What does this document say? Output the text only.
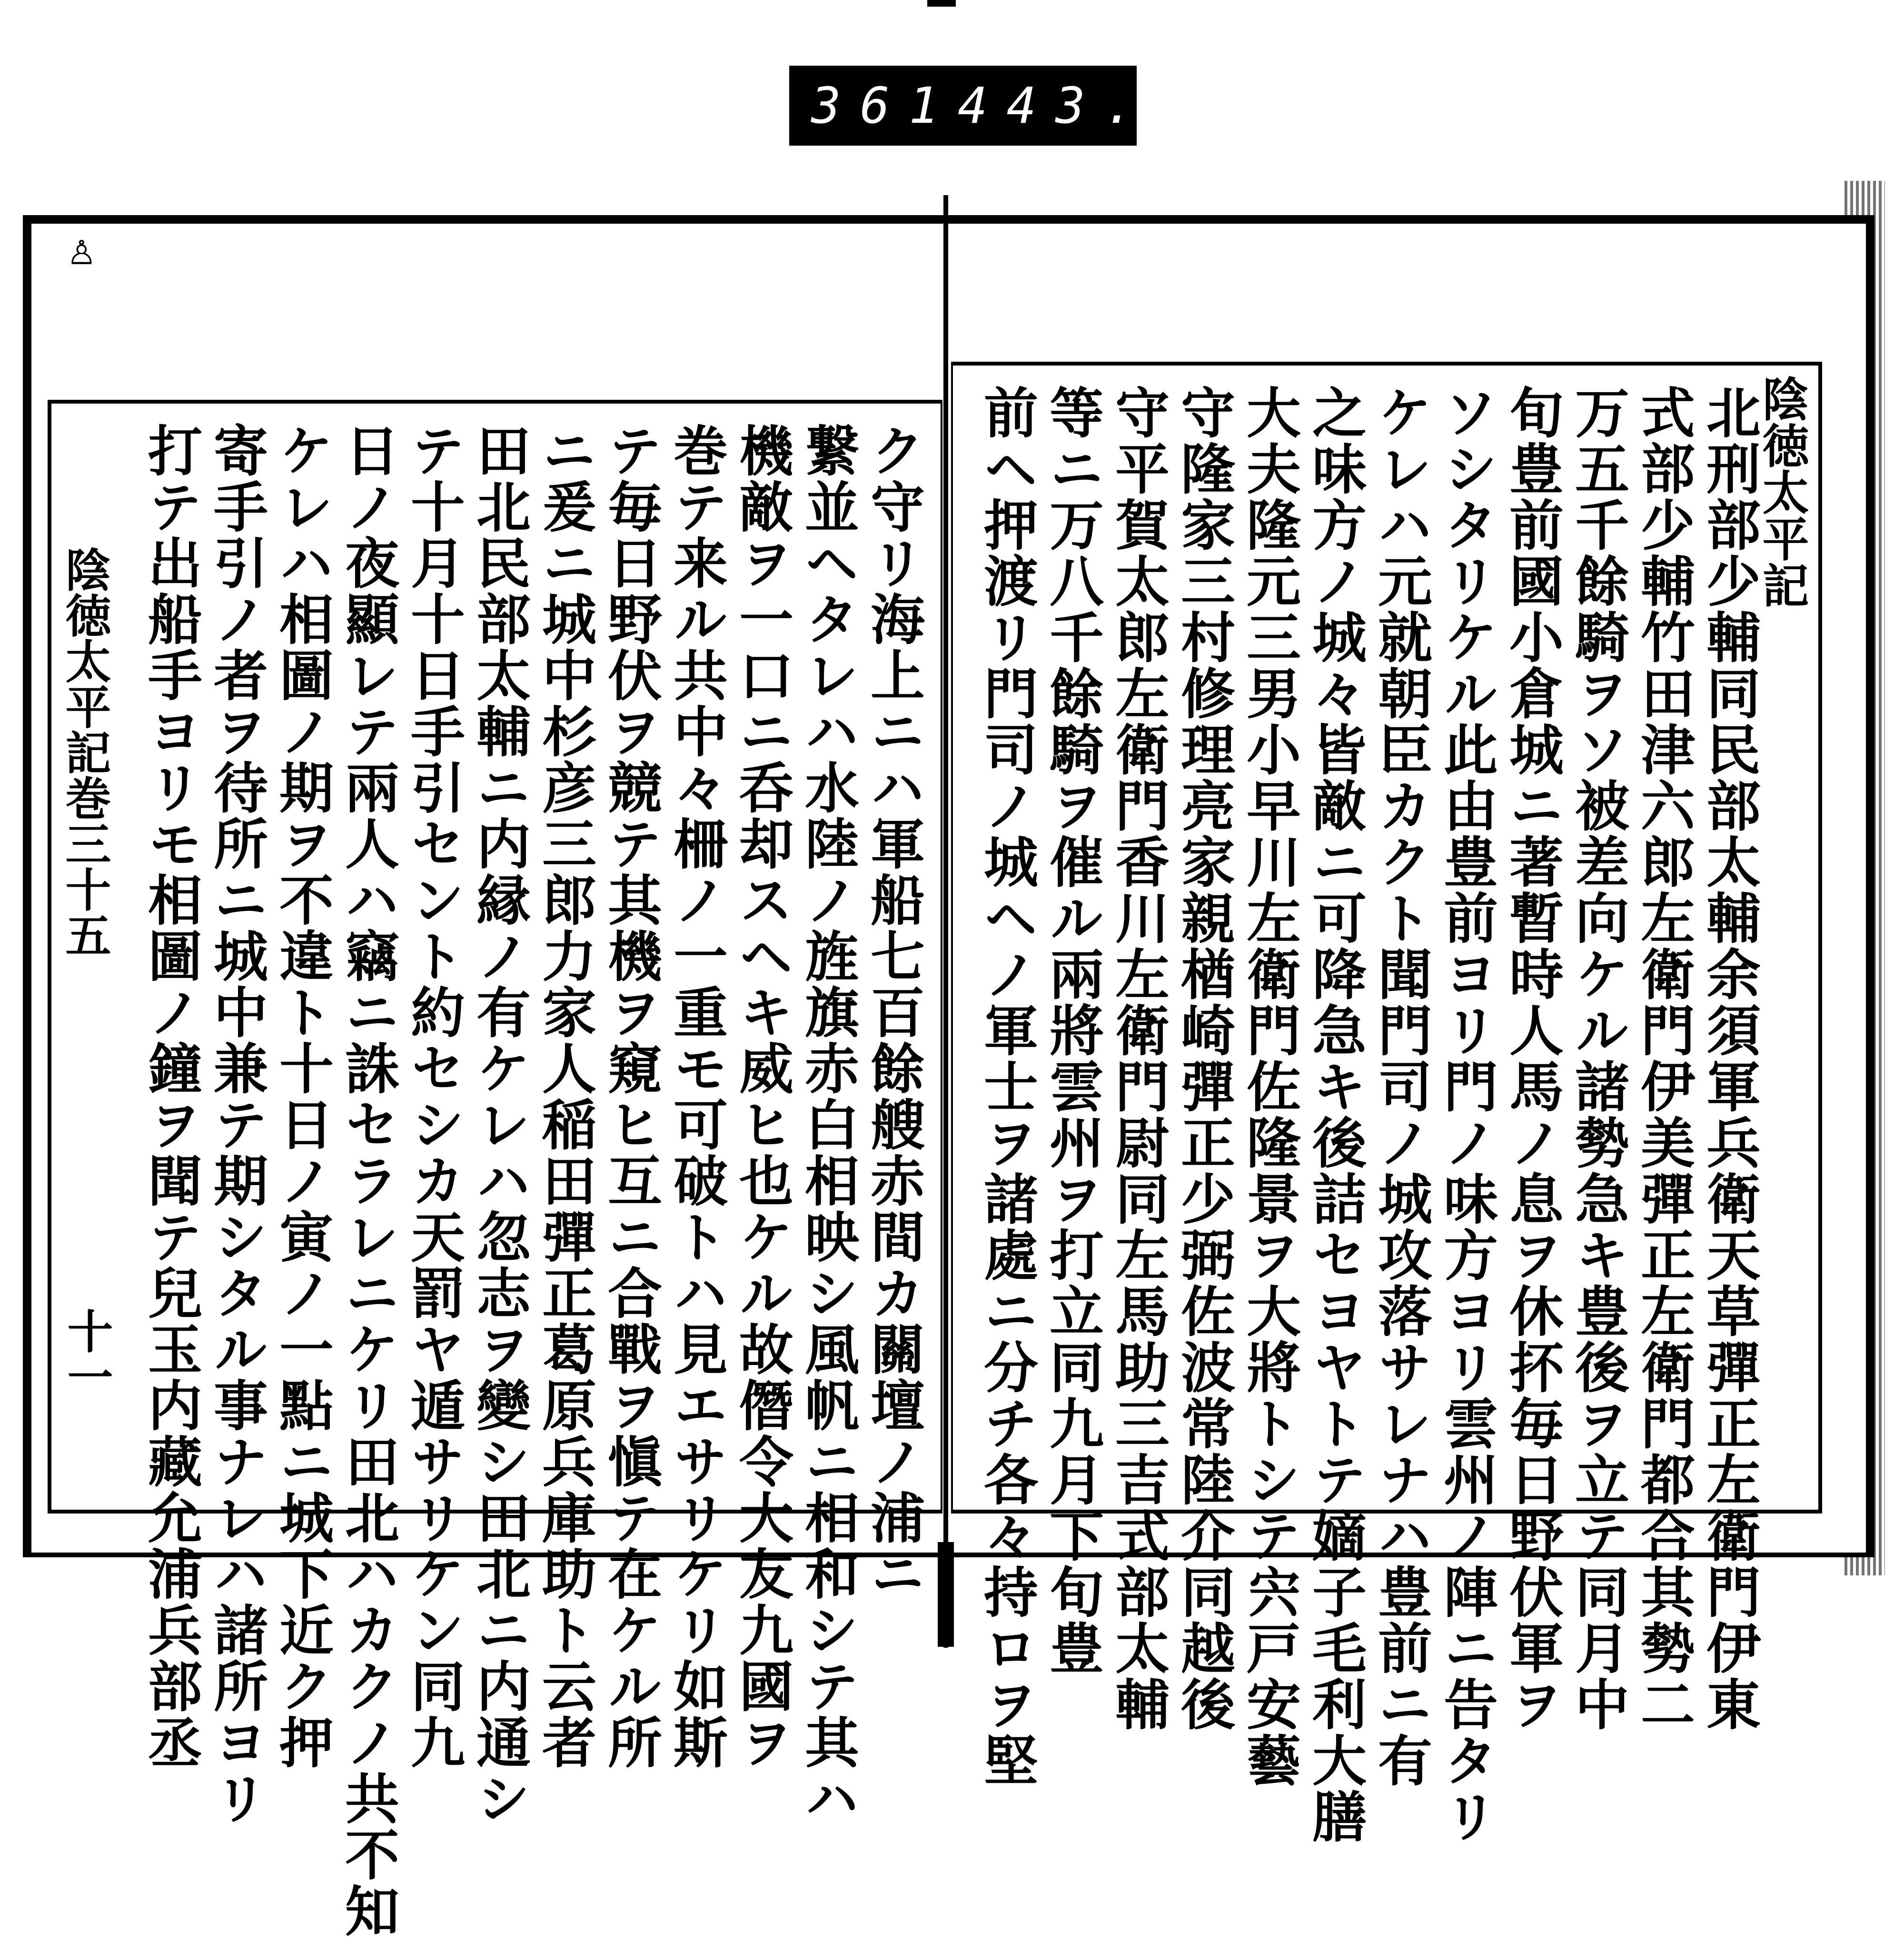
361 443.
陰徳太平記
北刑部少輔同民部太輔余須軍兵衛天草彈正左衛門伊東
式部少輔竹田津六郎左衛門伊美彈正左衛門都合其勢二
万五千餘騎ヲソ被差向ケル諸勢急キ豊後ヲ立テ同月中
旬豊前國小倉城ニ著暫時人馬ノ息ヲ休抔毎日野伏軍ヲ
ソシタリケル此由豊前ヨリ門ノ味方ヨリ雲州ノ陣ニ告タリ
ケレハ元就朝臣カクト聞門司ノ城攻落サレナハ豊前ニ有
之味方ノ城々皆敵ニ可降急キ後詰セヨヤトテ嫡子毛利大膳
大夫隆元三男小早川左衛門佐隆景ヲ大將トシテ宍戸安藝
守隆家三村修理亮家親楢崎彈正少弼佐波常陸介同越後
守平賀太郎左衛門香川左衛門尉同左馬助三吉式部太輔
等ニ万八千餘騎ヲ催ル兩將雲州ヲ打立同九月下旬豊
前ヘ押渡リ門司ノ城ヘノ軍士ヲ諸處ニ分チ各々持ロヲ堅
ク守リ海上ニハ軍船七百餘艘赤間カ關壇ノ浦ニ
繋並ヘタレハ水陸ノ旌旗赤白相映シ風帆ニ相和シテ其ハ
機敵ヲ一口ニ呑却スヘキ威ヒ也ケル故僭令大友九國ヲ
巻テ来ル共中々柵ノ一重モ可破トハ見エサリケリ如斯
テ毎日野伏ヲ競テ其機ヲ窺ヒ互ニ合戰ヲ愼テ在ケル所
ニ爰ニ城中杉彦三郎力家人稲田彈正葛原兵庫助ト云者
田北民部太輔ニ内縁ノ有ケレハ忽志ヲ變シ田北ニ内通シ
テ十月十日手引セント約セシカ天罰ヤ遁サリケン同九
日ノ夜顯レテ兩人ハ竊ニ誅セラレニケリ田北ハカクノ共不知
ケレハ相圖ノ期ヲ不違ト十日ノ寅ノ一點ニ城下近ク押
寄手引ノ者ヲ待所ニ城中兼テ期シタル事ナレハ諸所ヨリ
打テ出船手ヨリモ相圖ノ鐘ヲ聞テ兒玉内藏允浦兵部丞
陰徳太平記巻三十五
十一
♙
